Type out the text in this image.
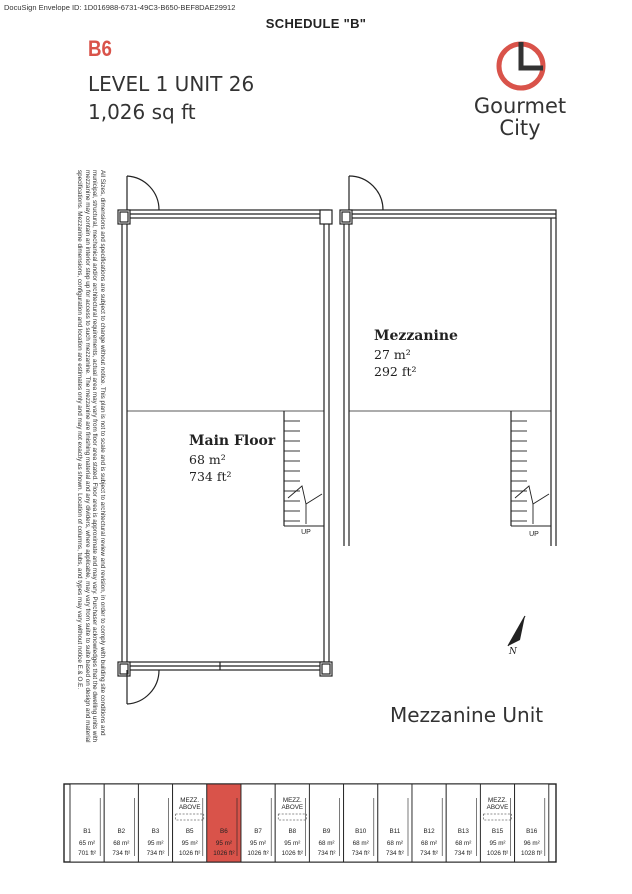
DocuSign Envelope ID: 1D016988-6731-49C3-B650-BEF8DAE29912
SCHEDULE "B"
B6
LEVEL 1 UNIT 26
1,026 sq ft	Gourmet
City
All Sizes, dimensions and specifications are subject to change without notice. This plan is not to scale and is subject to architectural review and revision, in order to comply with building site conditions and municipal, structural, mechanical and/or architectural requirements, actual area may vary from floor area stated. Floor area is approximate and may vary. Purchaser acknowledges that the dwelling units with mezzanine may contain an interior step up for access to such mezzanine. The mezzanine are finishing material and any dividers, where applicable, may vary from suite to suite based on design and material specifications. Mezzanine dimensions, configuration and location are estimates only and may not exactly as shown. Location of columns, tubs, and types may vary without notice E.& O.E.	UP	UP
N
Main Floor
68 m²
734 ft²
Mezzanine
27 m²
292 ft²
Mezzanine Unit
B1
65 m²
701 ft²
B2
68 m²
734 ft²
B3
95 m²
734 ft²
B5
95 m²
1026 ft²
MEZZ.
ABOVE
B6
95 m²
1026 ft²
B7
95 m²
1026 ft²
B8
95 m²
1026 ft²
MEZZ.
ABOVE
B9
68 m²
734 ft²
B10
68 m²
734 ft²
B11
68 m²
734 ft²
B12
68 m²
734 ft²
B13
68 m²
734 ft²
B15
95 m²
1026 ft²
MEZZ.
ABOVE
B16
96 m²
1028 ft²
